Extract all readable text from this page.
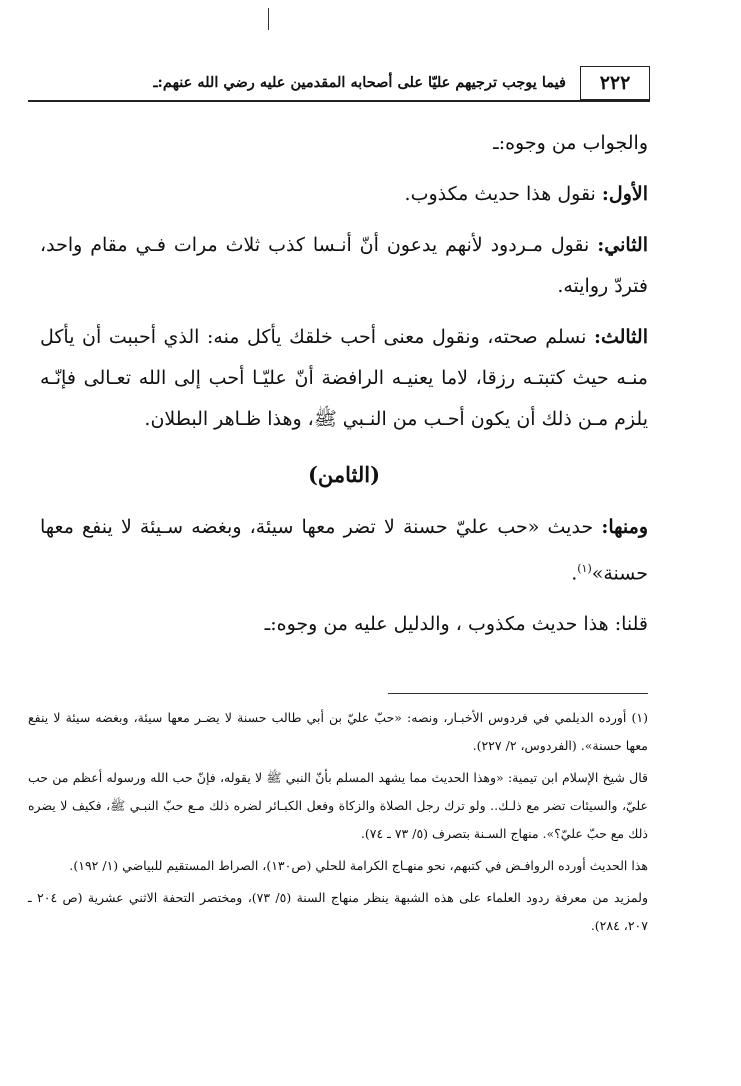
٢٢٢
فيما يوجب ترجيهم عليّا على أصحابه المقدمين عليه رضي الله عنهم:ـ

والجواب من وجوه:ـ

الأول: نقول هذا حديث مكذوب.

الثاني: نقول مـردود لأنهم يدعون أنّ أنـسا كذب ثلاث مرات فـي مقام واحد، فتردّ روايته.

الثالث: نسلم صحته، ونقول معنى أحب خلقك يأكل منه: الذي أحببت أن يأكل منـه حيث كتبتـه رزقا، لاما يعنيـه الرافضة أنّ عليّـا أحب إلى الله تعـالى فإنّـه يلزم مـن ذلك أن يكون أحـب من النـبي ﷺ، وهذا ظـاهر البطلان.

(الثامن)

ومنها: حديث «حب عليّ حسنة لا تضر معها سيئة، وبغضه سـيئة لا ينفع معها حسنة»$^{(١)}$.

قلنا: هذا حديث مكذوب ، والدليل عليه من وجوه:ـ

(١) أورده الديلمي في فردوس الأخبـار، ونصه: «حبّ عليّ بن أبي طالب حسنة لا يضـر معها سيئة، وبغضه سيئة لا ينفع معها حسنة». (الفردوس، ٢/ ٢٢٧).

قال شيخ الإسلام ابن تيمية: «وهذا الحديث مما يشهد المسلم بأنّ النبي ﷺ لا يقوله، فإنّ حب الله ورسوله أعظم من حب عليّ، والسيئات تضر مع ذلـك.. ولو ترك رجل الصلاة والزكاة وفعل الكبـائر لضره ذلك مـع حبّ النبـي ﷺ، فكيف لا يضره ذلك مع حبّ عليّ؟». منهاج السـنة بتصرف (٥/ ٧٣ ـ ٧٤).

هذا الحديث أورده الروافـض في كتبهم، نحو منهـاج الكرامة للحلي (ص١٣٠)، الصراط المستقيم للبياضي (١/ ١٩٢).

ولمزيد من معرفة ردود العلماء على هذه الشبهة ينظر منهاج السنة (٥/ ٧٣)، ومختصر التحفة الاثني عشرية (ص ٢٠٤ ـ ٢٠٧، ٢٨٤).
